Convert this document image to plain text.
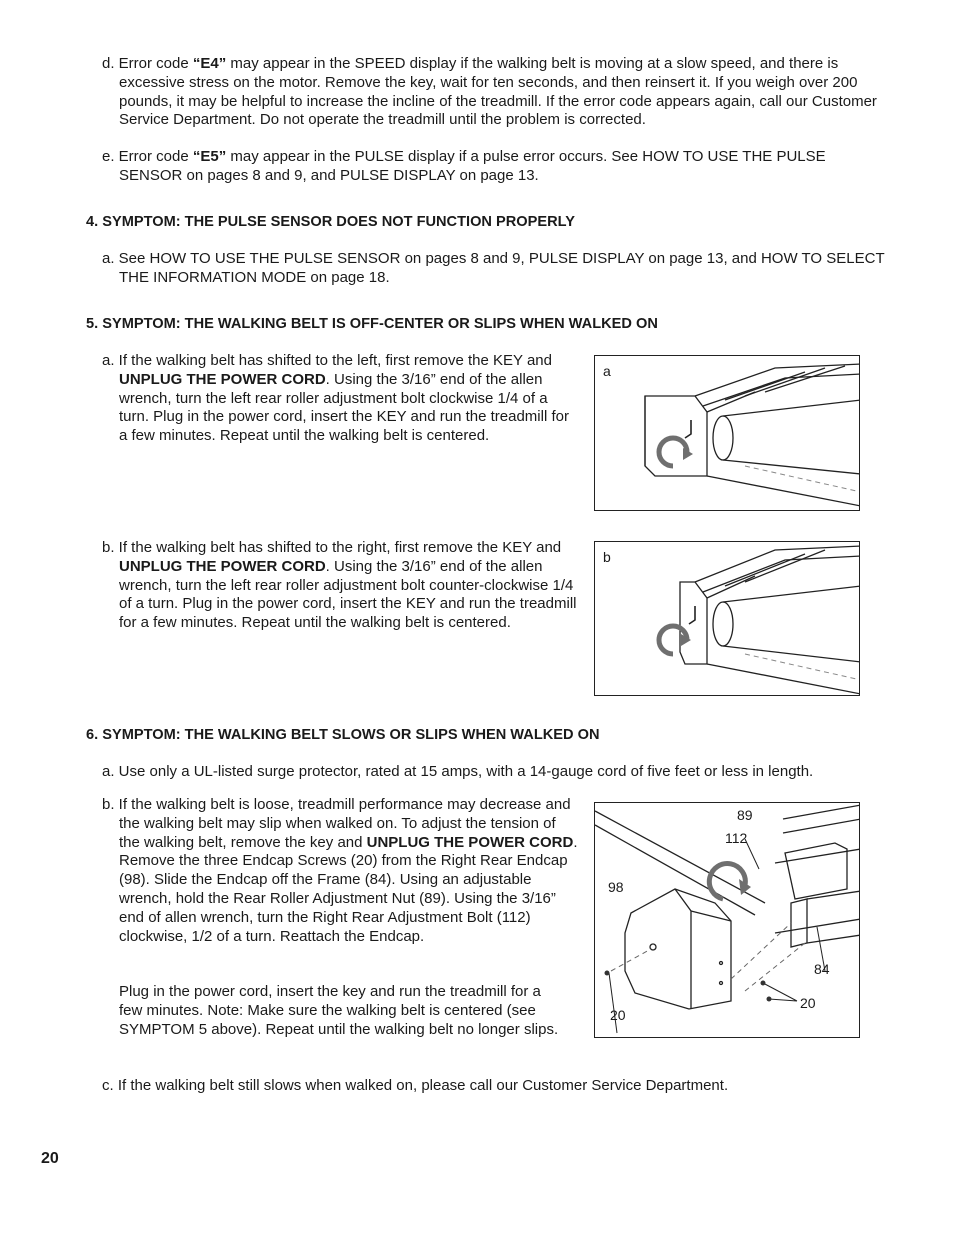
d. Error code “E4” may appear in the SPEED display if the walking belt is moving at a slow speed, and there is excessive stress on the motor. Remove the key, wait for ten seconds, and then reinsert it. If you weigh over 200 pounds, it may be helpful to increase the incline of the treadmill. If the error code appears again, call our Customer Service Department. Do not operate the treadmill until the problem is corrected.
e. Error code “E5” may appear in the PULSE display if a pulse error occurs. See HOW TO USE THE PULSE SENSOR on pages 8 and 9, and PULSE DISPLAY on page 13.
4. SYMPTOM: THE PULSE SENSOR DOES NOT FUNCTION PROPERLY
a. See HOW TO USE THE PULSE SENSOR on pages 8 and 9, PULSE DISPLAY on page 13, and HOW TO SELECT THE INFORMATION MODE on page 18.
5. SYMPTOM: THE WALKING BELT IS OFF-CENTER OR SLIPS WHEN WALKED ON
a. If the walking belt has shifted to the left, first remove the KEY and UNPLUG THE POWER CORD. Using the 3/16” end of the allen wrench, turn the left rear roller adjustment bolt clockwise 1/4 of a turn. Plug in the power cord, insert the KEY and run the treadmill for a few minutes. Repeat until the walking belt is centered.
b. If the walking belt has shifted to the right, first remove the KEY and UNPLUG THE POWER CORD. Using the 3/16” end of the allen wrench, turn the left rear roller adjustment bolt counter-clockwise 1/4 of a turn. Plug in the power cord, insert the KEY and run the treadmill for a few minutes. Repeat until the walking belt is centered.
a
b
6. SYMPTOM: THE WALKING BELT SLOWS OR SLIPS WHEN WALKED ON
a. Use only a UL-listed surge protector, rated at 15 amps, with a 14-gauge cord of five feet or less in length.
b. If the walking belt is loose, treadmill performance may decrease and the walking belt may slip when walked on. To adjust the tension of the walking belt, remove the key and UNPLUG THE POWER CORD. Remove the three Endcap Screws (20) from the Right Rear Endcap (98). Slide the Endcap off the Frame (84). Using an adjustable wrench, hold the Rear Roller Adjustment Nut (89). Using the 3/16” end of allen wrench, turn the Right Rear Adjustment Bolt (112) clockwise, 1/2 of a turn. Reattach the Endcap.
Plug in the power cord, insert the key and run the treadmill for a few minutes. Note: Make sure the walking belt is centered (see SYMPTOM 5 above). Repeat until the walking belt no longer slips.
89
112
98
84
20
20
c. If the walking belt still slows when walked on, please call our Customer Service Department.
20
